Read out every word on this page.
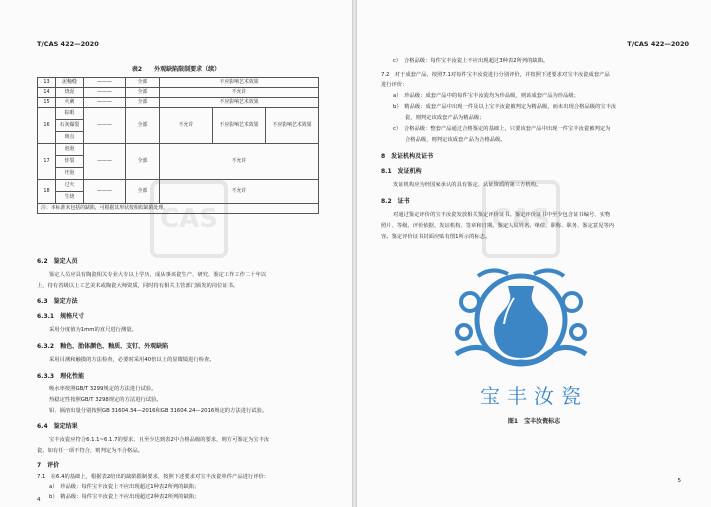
CAS
T/CAS 422—2020
表2　　外观缺陷限制要求（续）
13	泥釉缝	———	全部	不应影响艺术效果		
14	烧泥	———	全部	不允许		
15	火刺	———	全部	不应影响艺术效果		
16	棕眼	———	全部	不允许	不应影响艺术效果	不应影响艺术效果
	石灰爆裂					
	斑点					
17	泡泡	———	全部	不允许		
	炸裂					
	坯泡					
18	过火	———	全部	不允许		
	生烧					
注：本标准未包括的缺陷，可根据其形状按相似缺陷处理。						
6.2　鉴定人员
鉴定人员应具有陶瓷相关专业大专以上学历，成从事该瓷生产、研究、鉴定工作工作二十年以
上，持有省级以上工艺美术或陶瓷大师资质，同时持有相关主管部门颁发的岗位证书。
6.3　鉴定方法
6.3.1　规格尺寸
采用分度值为1mm的直尺进行测量。
6.3.2　釉色、胎体颜色、釉质、支钉、外观缺陷
采用目测和触摸的方法检查，必要时采用40倍以上的显微镜进行检查。
6.3.3　理化性能
吸水率按照GB/T 3299规定的方法进行试验。
热稳定性按照GB/T 3298规定的方法进行试验。
铅、镉溶出量分别按照GB 31604.34—2016和GB 31604.24—2016规定的方法进行试验。
6.4　鉴定结果
宝丰汝瓷应符合6.1.1~6.1.7的要求，且至少达到表2中合格品级的要求，则方可鉴定为宝丰汝
瓷。如有任一项不符合，则判定为不合格品。
7　评价
7.1　在6.4的基础上，根据表2给出的缺陷限制要求，按照下述要求对宝丰汝瓷单件产品进行评价：
a）　珍品级：每件宝丰汝瓷上不应出现超过1种表2所列的缺陷；
b）　精品级：每件宝丰汝瓷上不应出现超过2种表2所列的缺陷；
4
CAS
T/CAS 422—2020
c）　合格品级：每件宝丰汝瓷上不应出现超过3种表2所列的缺陷。
7.2　对于成套产品，按照7.1对每件宝丰汝瓷进行分别评价，并按照下述要求对宝丰汝瓷成套产品
进行评价：
a）　珍品级：成套产品中的每件宝丰汝瓷均为珍品级，则该成套产品为珍品级；
b）　精品级：成套产品中出现一件及以上宝丰汝瓷被判定为精品级，而未出现合格品级的宝丰汝
瓷，则判定该成套产品为精品级；
c）　合格品级：整套产品通过合格鉴定的基础上，只要该套产品中出现一件宝丰汝瓷被判定为
合格品级，则判定该成套产品为合格品级。
8　发证机构及证书
8.1　发证机构
发证机构应为经国家承认的具有鉴定、认证资质的第三方机构。
8.2　证书
对通过鉴定评价的宝丰汝瓷发放相关鉴定评价证书。鉴定评价证书中至少包含证书编号、实物
照片、等级、评价依据、发证机构、签章和日期。鉴定人员姓名、单位、职称、职务、鉴定意见等内
容。鉴定评价证书封面应贴有图1所示的标志。
宝丰汝瓷
图1　宝丰汝瓷标志
5
